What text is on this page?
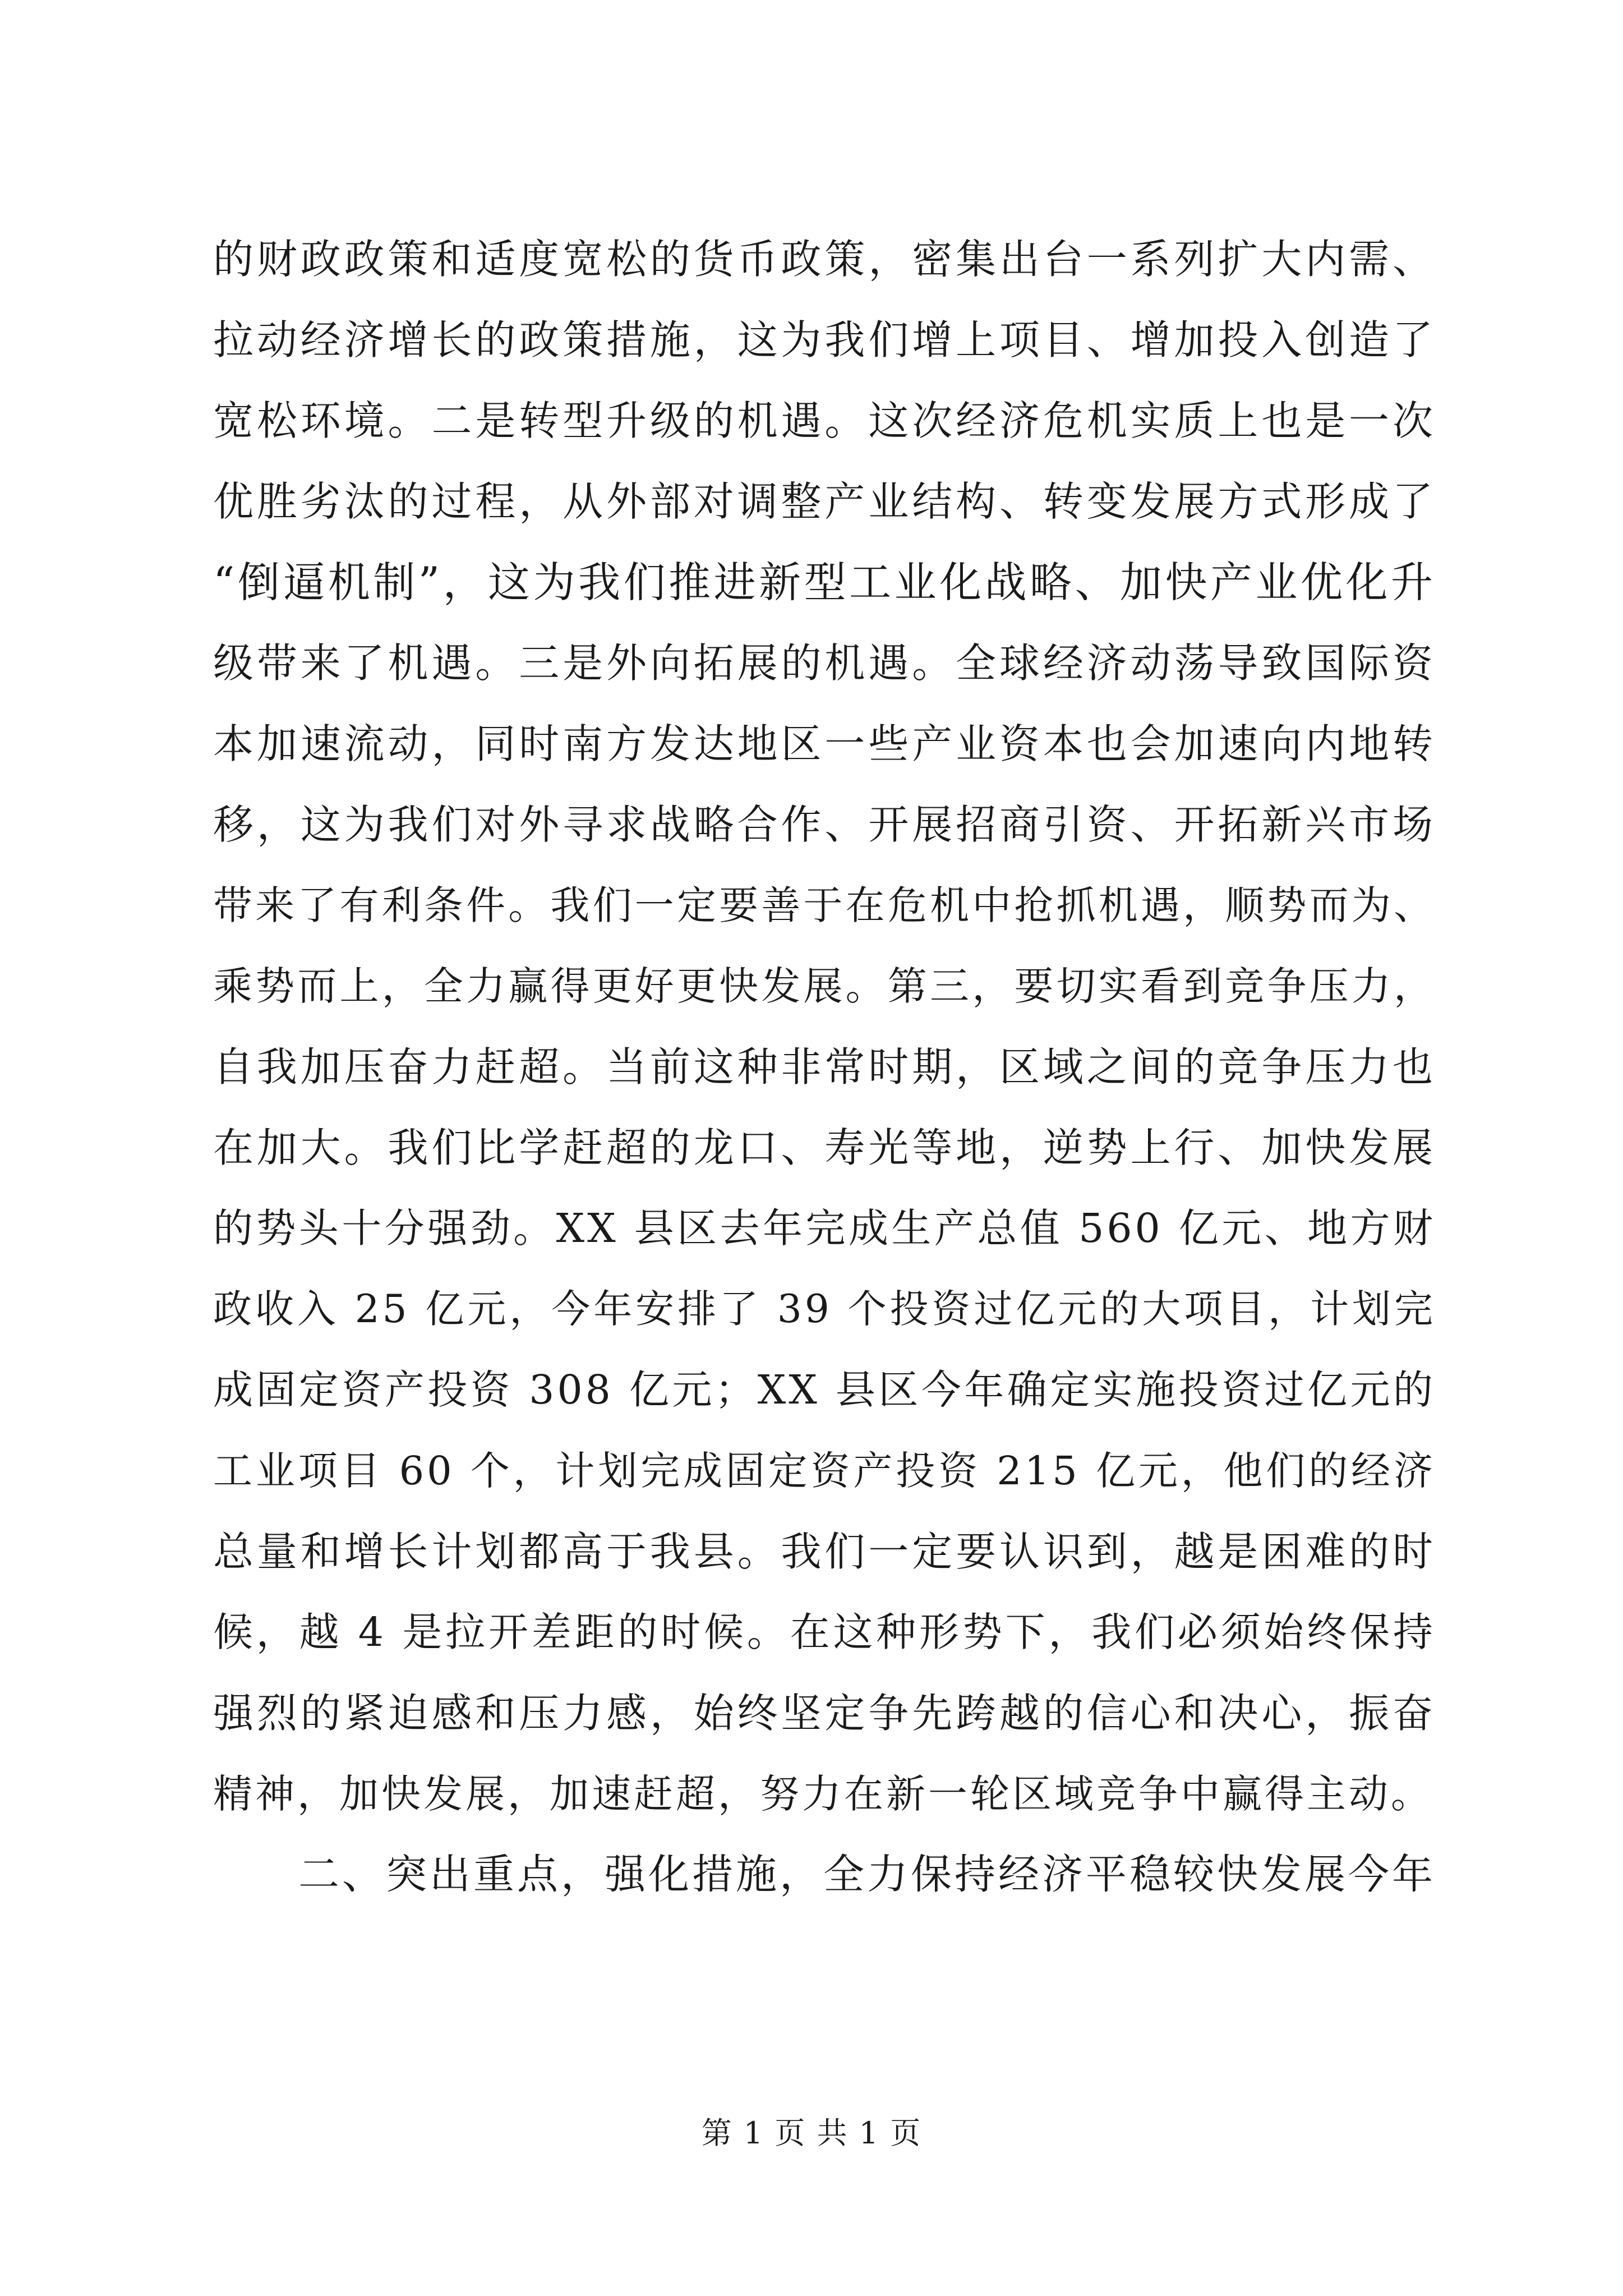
的财政政策和适度宽松的货币政策，密集出台一系列扩大内需、
拉动经济增长的政策措施，这为我们增上项目、增加投入创造了
宽松环境。二是转型升级的机遇。这次经济危机实质上也是一次
优胜劣汰的过程，从外部对调整产业结构、转变发展方式形成了
“倒逼机制”，这为我们推进新型工业化战略、加快产业优化升
级带来了机遇。三是外向拓展的机遇。全球经济动荡导致国际资
本加速流动，同时南方发达地区一些产业资本也会加速向内地转
移，这为我们对外寻求战略合作、开展招商引资、开拓新兴市场
带来了有利条件。我们一定要善于在危机中抢抓机遇，顺势而为、
乘势而上，全力赢得更好更快发展。第三，要切实看到竞争压力，
自我加压奋力赶超。当前这种非常时期，区域之间的竞争压力也
在加大。我们比学赶超的龙口、寿光等地，逆势上行、加快发展
的势头十分强劲。XX 县区去年完成生产总值 560 亿元、地方财
政收入 25 亿元，今年安排了 39 个投资过亿元的大项目，计划完
成固定资产投资 308 亿元；XX 县区今年确定实施投资过亿元的
工业项目 60 个，计划完成固定资产投资 215 亿元，他们的经济
总量和增长计划都高于我县。我们一定要认识到，越是困难的时
候，越 4 是拉开差距的时候。在这种形势下，我们必须始终保持
强烈的紧迫感和压力感，始终坚定争先跨越的信心和决心，振奋
精神，加快发展，加速赶超，努力在新一轮区域竞争中赢得主动。
二、突出重点，强化措施，全力保持经济平稳较快发展今年
第 1 页 共 1 页
